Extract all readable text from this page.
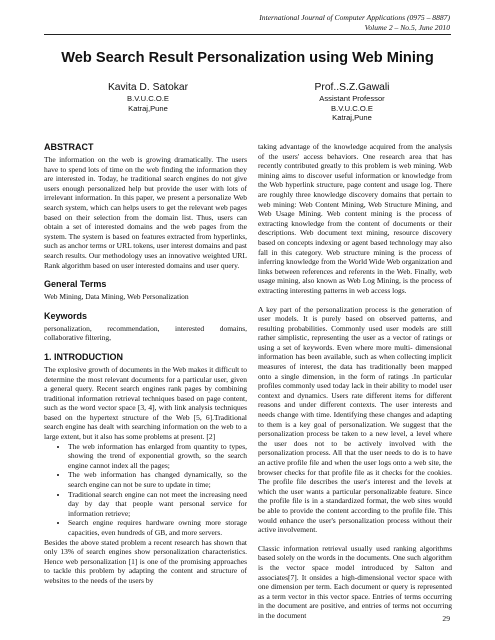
International Journal of Computer Applications (0975 – 8887)
Volume 2 – No.5, June 2010
Web Search Result Personalization using Web Mining
Kavita D. Satokar
B.V.U.C.O.E
Katraj,Pune
Prof..S.Z.Gawali
Assistant Professor
B.V.U.C.O.E
Katraj,Pune
ABSTRACT

The information on the web is growing dramatically. The users have to spend lots of time on the web finding the information they are interested in. Today, he traditional search engines do not give users enough personalized help but provide the user with lots of irrelevant information. In this paper, we present a personalize Web search system, which can helps users to get the relevant web pages based on their selection from the domain list. Thus, users can obtain a set of interested domains and the web pages from the system. The system is based on features extracted from hyperlinks, such as anchor terms or URL tokens, user interest domains and past search results. Our methodology uses an innovative weighted URL Rank algorithm based on user interested domains and user query.

General Terms

Web Mining, Data Mining, Web Personalization

Keywords

personalization, recommendation, interested domains, collaborative filtering,

1. INTRODUCTION

The explosive growth of documents in the Web makes it difficult to determine the most relevant documents for a particular user, given a general query. Recent search engines rank pages by combining traditional information retrieval techniques based on page content, such as the word vector space [3, 4], with link analysis techniques based on the hypertext structure of the Web [5, 6].Traditional search engine has dealt with searching information on the web to a large extent, but it also has some problems at present. [2]

• The web information has enlarged from quantity to types, showing the trend of exponential growth, so the search engine cannot index all the pages;
• The web information has changed dynamically, so the search engine can not be sure to update in time;
• Traditional search engine can not meet the increasing need day by day that people want personal service for information retrieve;
• Search engine requires hardware owning more storage capacities, even hundreds of GB, and more servers.

Besides the above stated problem a recent research has shown that only 13% of search engines show personalization characteristics. Hence web personalization [1] is one of the promising approaches to tackle this problem by adapting the content and structure of websites to the needs of the users by

taking advantage of the knowledge acquired from the analysis of the users' access behaviors. One research area that has recently contributed greatly to this problem is web mining. Web mining aims to discover useful information or knowledge from the Web hyperlink structure, page content and usage log. There are roughly three knowledge discovery domains that pertain to web mining: Web Content Mining, Web Structure Mining, and Web Usage Mining. Web content mining is the process of extracting knowledge from the content of documents or their descriptions. Web document text mining, resource discovery based on concepts indexing or agent based technology may also fall in this category. Web structure mining is the process of inferring knowledge from the World Wide Web organization and links between references and referents in the Web. Finally, web usage mining, also known as Web Log Mining, is the process of extracting interesting patterns in web access logs.

A key part of the personalization process is the generation of user models. It is purely based on observed patterns, and resulting probabilities. Commonly used user models are still rather simplistic, representing the user as a vector of ratings or using a set of keywords. Even where more multi- dimensional information has been available, such as when collecting implicit measures of interest, the data has traditionally been mapped onto a single dimension, in the form of ratings .In particular profiles commonly used today lack in their ability to model user context and dynamics. Users rate different items for different reasons and under different contexts. The user interests and needs change with time. Identifying these changes and adapting to them is a key goal of personalization. We suggest that the personalization process be taken to a new level, a level where the user does not to be actively involved with the personalization process. All that the user needs to do is to have an active profile file and when the user logs onto a web site, the browser checks for that profile file as it checks for the cookies. The profile file describes the user's interest and the levels at which the user wants a particular personalizable feature. Since the profile file is in a standardized format, the web sites would be able to provide the content according to the profile file. This would enhance the user's personalization process without their active involvement.

Classic information retrieval usually used ranking algorithms based solely on the words in the documents. One such algorithm is the vector space model introduced by Salton and associates[7]. It onsides a high-dimensional vector space with one dimension per term. Each document or query is represented as a term vector in this vector space. Entries of terms occurring in the document are positive, and entries of terms not occurring in the document	29
